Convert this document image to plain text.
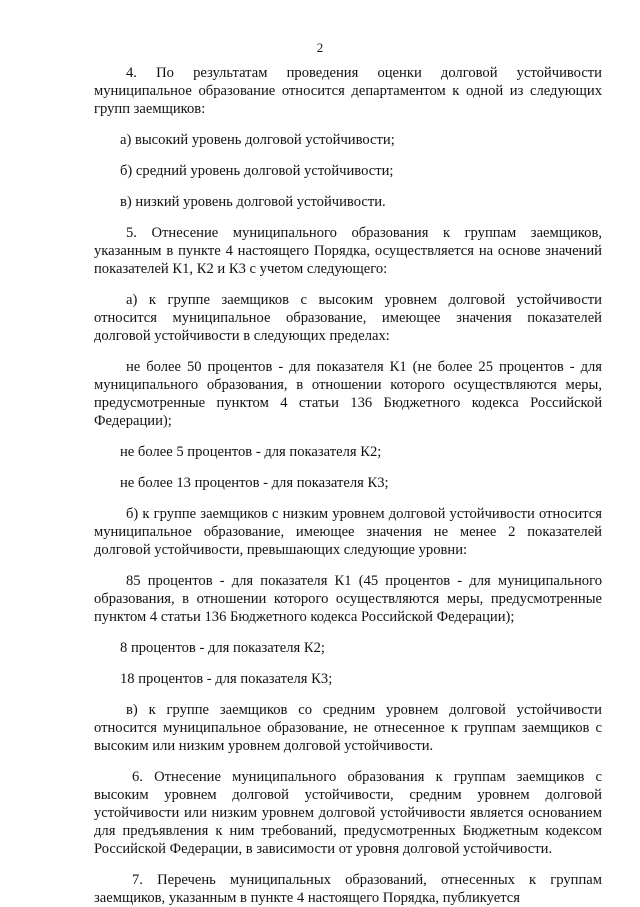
2

4. По результатам проведения оценки долговой устойчивости муниципальное образование относится департаментом к одной из следующих групп заемщиков:

а) высокий уровень долговой устойчивости;

б) средний уровень долговой устойчивости;

в) низкий уровень долговой устойчивости.

5. Отнесение муниципального образования к группам заемщиков, указанным в пункте 4 настоящего Порядка, осуществляется на основе значений показателей К1, К2 и К3 с учетом следующего:

а) к группе заемщиков с высоким уровнем долговой устойчивости относится муниципальное образование, имеющее значения показателей долговой устойчивости в следующих пределах:

не более 50 процентов - для показателя К1 (не более 25 процентов - для муниципального образования, в отношении которого осуществляются меры, предусмотренные пунктом 4 статьи 136 Бюджетного кодекса Российской Федерации);

не более 5 процентов - для показателя К2;

не более 13 процентов - для показателя К3;

б) к группе заемщиков с низким уровнем долговой устойчивости относится муниципальное образование, имеющее значения не менее 2 показателей долговой устойчивости, превышающих следующие уровни:

85 процентов - для показателя К1 (45 процентов - для муниципального образования, в отношении которого осуществляются меры, предусмотренные пунктом 4 статьи 136 Бюджетного кодекса Российской Федерации);

8 процентов - для показателя К2;

18 процентов - для показателя К3;

в) к группе заемщиков со средним уровнем долговой устойчивости относится муниципальное образование, не отнесенное к группам заемщиков с высоким или низким уровнем долговой устойчивости.

6. Отнесение муниципального образования к группам заемщиков с высоким уровнем долговой устойчивости, средним уровнем долговой устойчивости или низким уровнем долговой устойчивости является основанием для предъявления к ним требований, предусмотренных Бюджетным кодексом Российской Федерации, в зависимости от уровня долговой устойчивости.

7. Перечень муниципальных образований, отнесенных к группам заемщиков, указанным в пункте 4 настоящего Порядка, публикуется
